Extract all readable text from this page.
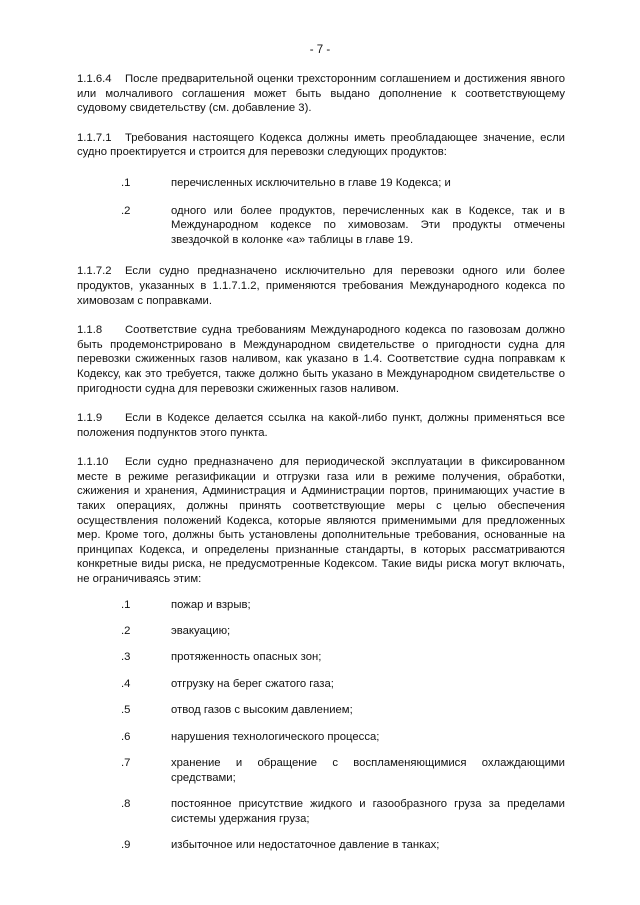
- 7 -

1.1.6.4 После предварительной оценки трехсторонним соглашением и достижения явного или молчаливого соглашения может быть выдано дополнение к соответствующему судовому свидетельству (см. добавление 3).

1.1.7.1 Требования настоящего Кодекса должны иметь преобладающее значение, если судно проектируется и строится для перевозки следующих продуктов:

.1	перечисленных исключительно в главе 19 Кодекса; и
.2	одного или более продуктов, перечисленных как в Кодексе, так и в Международном кодексе по химовозам. Эти продукты отмечены звездочкой в колонке «а» таблицы в главе 19.

1.1.7.2 Если судно предназначено исключительно для перевозки одного или более продуктов, указанных в 1.1.7.1.2, применяются требования Международного кодекса по химовозам с поправками.

1.1.8 Соответствие судна требованиям Международного кодекса по газовозам должно быть продемонстрировано в Международном свидетельстве о пригодности судна для перевозки сжиженных газов наливом, как указано в 1.4. Соответствие судна поправкам к Кодексу, как это требуется, также должно быть указано в Международном свидетельстве о пригодности судна для перевозки сжиженных газов наливом.

1.1.9 Если в Кодексе делается ссылка на какой-либо пункт, должны применяться все положения подпунктов этого пункта.

1.1.10 Если судно предназначено для периодической эксплуатации в фиксированном месте в режиме регазификации и отгрузки газа или в режиме получения, обработки, сжижения и хранения, Администрация и Администрации портов, принимающих участие в таких операциях, должны принять соответствующие меры с целью обеспечения осуществления положений Кодекса, которые являются применимыми для предложенных мер. Кроме того, должны быть установлены дополнительные требования, основанные на принципах Кодекса, и определены признанные стандарты, в которых рассматриваются конкретные виды риска, не предусмотренные Кодексом. Такие виды риска могут включать, не ограничиваясь этим:

.1	пожар и взрыв;
.2	эвакуацию;
.3	протяженность опасных зон;
.4	отгрузку на берег сжатого газа;
.5	отвод газов с высоким давлением;
.6	нарушения технологического процесса;
.7	хранение и обращение с воспламеняющимися охлаждающими средствами;
.8	постоянное присутствие жидкого и газообразного груза за пределами системы удержания груза;
.9	избыточное или недостаточное давление в танках;
